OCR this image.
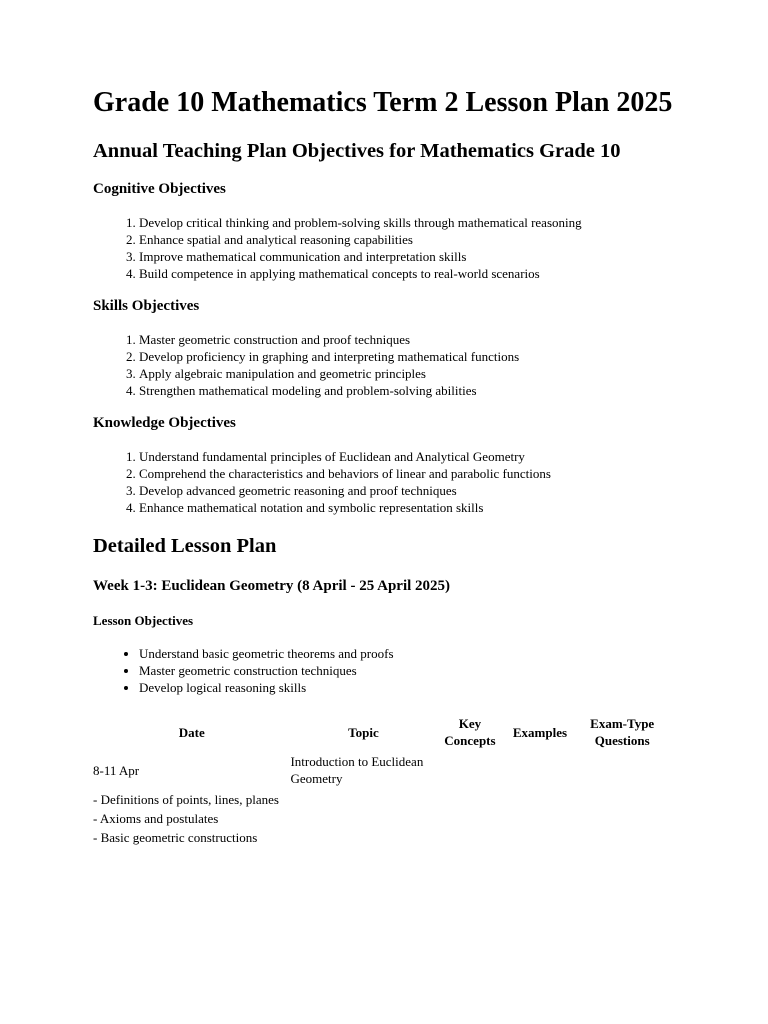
Grade 10 Mathematics Term 2 Lesson Plan 2025
Annual Teaching Plan Objectives for Mathematics Grade 10
Cognitive Objectives
1. Develop critical thinking and problem-solving skills through mathematical reasoning
2. Enhance spatial and analytical reasoning capabilities
3. Improve mathematical communication and interpretation skills
4. Build competence in applying mathematical concepts to real-world scenarios
Skills Objectives
1. Master geometric construction and proof techniques
2. Develop proficiency in graphing and interpreting mathematical functions
3. Apply algebraic manipulation and geometric principles
4. Strengthen mathematical modeling and problem-solving abilities
Knowledge Objectives
1. Understand fundamental principles of Euclidean and Analytical Geometry
2. Comprehend the characteristics and behaviors of linear and parabolic functions
3. Develop advanced geometric reasoning and proof techniques
4. Enhance mathematical notation and symbolic representation skills
Detailed Lesson Plan
Week 1-3: Euclidean Geometry (8 April - 25 April 2025)
Lesson Objectives
• Understand basic geometric theorems and proofs
• Master geometric construction techniques
• Develop logical reasoning skills
Date	Topic	Key Concepts	Examples	Exam-Type Questions
8-11 Apr	Introduction to Euclidean Geometry			

- Definitions of points, lines, planes
- Axioms and postulates
- Basic geometric constructions				
